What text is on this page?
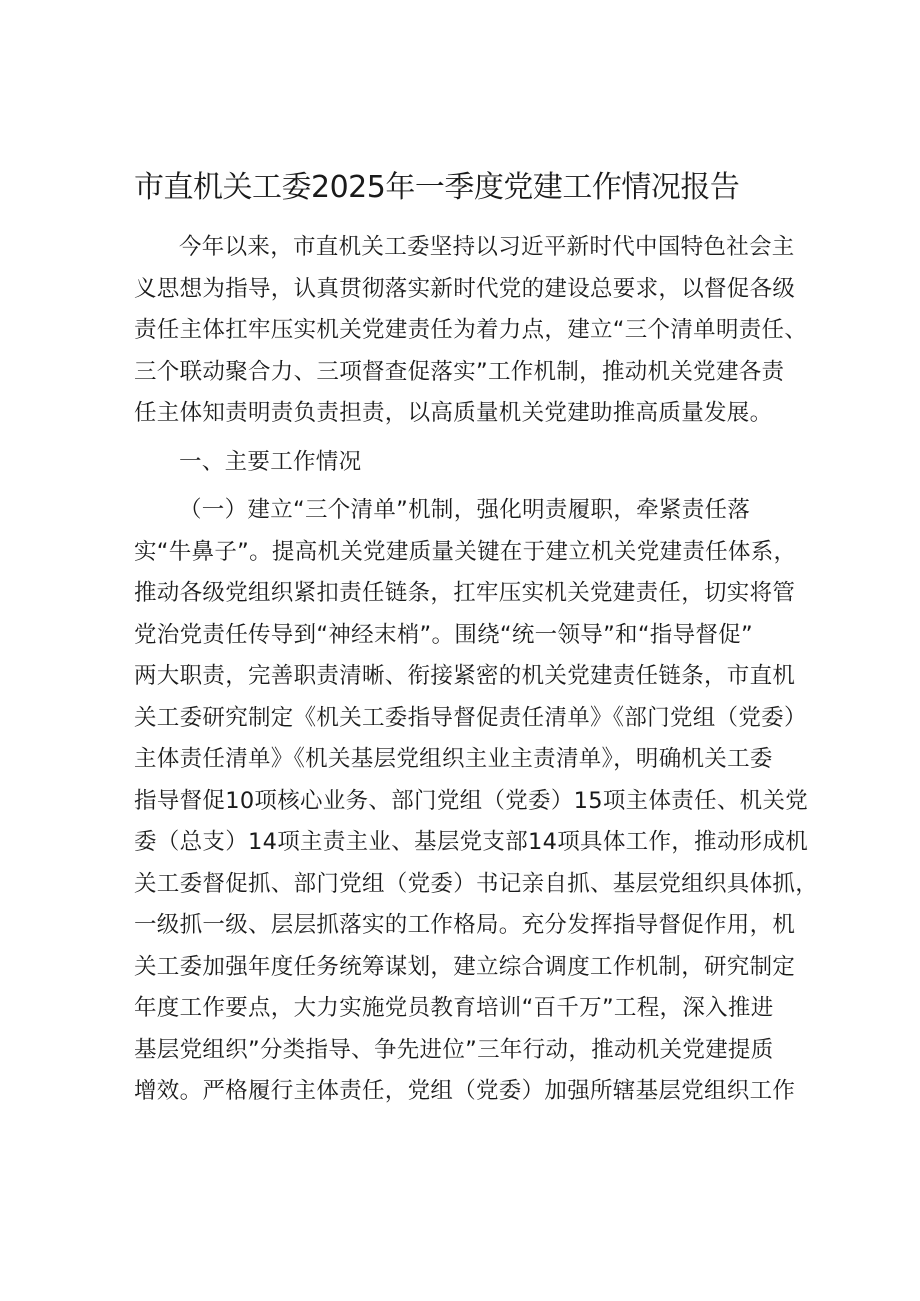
市直机关工委2025年一季度党建工作情况报告
今年以来，市直机关工委坚持以习近平新时代中国特色社会主
义思想为指导，认真贯彻落实新时代党的建设总要求，以督促各级
责任主体扛牢压实机关党建责任为着力点，建立“三个清单明责任、
三个联动聚合力、三项督查促落实”工作机制，推动机关党建各责
任主体知责明责负责担责，以高质量机关党建助推高质量发展。
一、主要工作情况
（一）建立“三个清单”机制，强化明责履职，牵紧责任落
实“牛鼻子”。提高机关党建质量关键在于建立机关党建责任体系，
推动各级党组织紧扣责任链条，扛牢压实机关党建责任，切实将管
党治党责任传导到“神经末梢”。围绕“统一领导”和“指导督促”
两大职责，完善职责清晰、衔接紧密的机关党建责任链条，市直机
关工委研究制定《机关工委指导督促责任清单》《部门党组（党委）
主体责任清单》《机关基层党组织主业主责清单》，明确机关工委
指导督促10项核心业务、部门党组（党委）15项主体责任、机关党
委（总支）14项主责主业、基层党支部14项具体工作，推动形成机
关工委督促抓、部门党组（党委）书记亲自抓、基层党组织具体抓，
一级抓一级、层层抓落实的工作格局。充分发挥指导督促作用，机
关工委加强年度任务统筹谋划，建立综合调度工作机制，研究制定
年度工作要点，大力实施党员教育培训“百千万”工程，深入推进
基层党组织”分类指导、争先进位”三年行动，推动机关党建提质
增效。严格履行主体责任，党组（党委）加强所辖基层党组织工作
